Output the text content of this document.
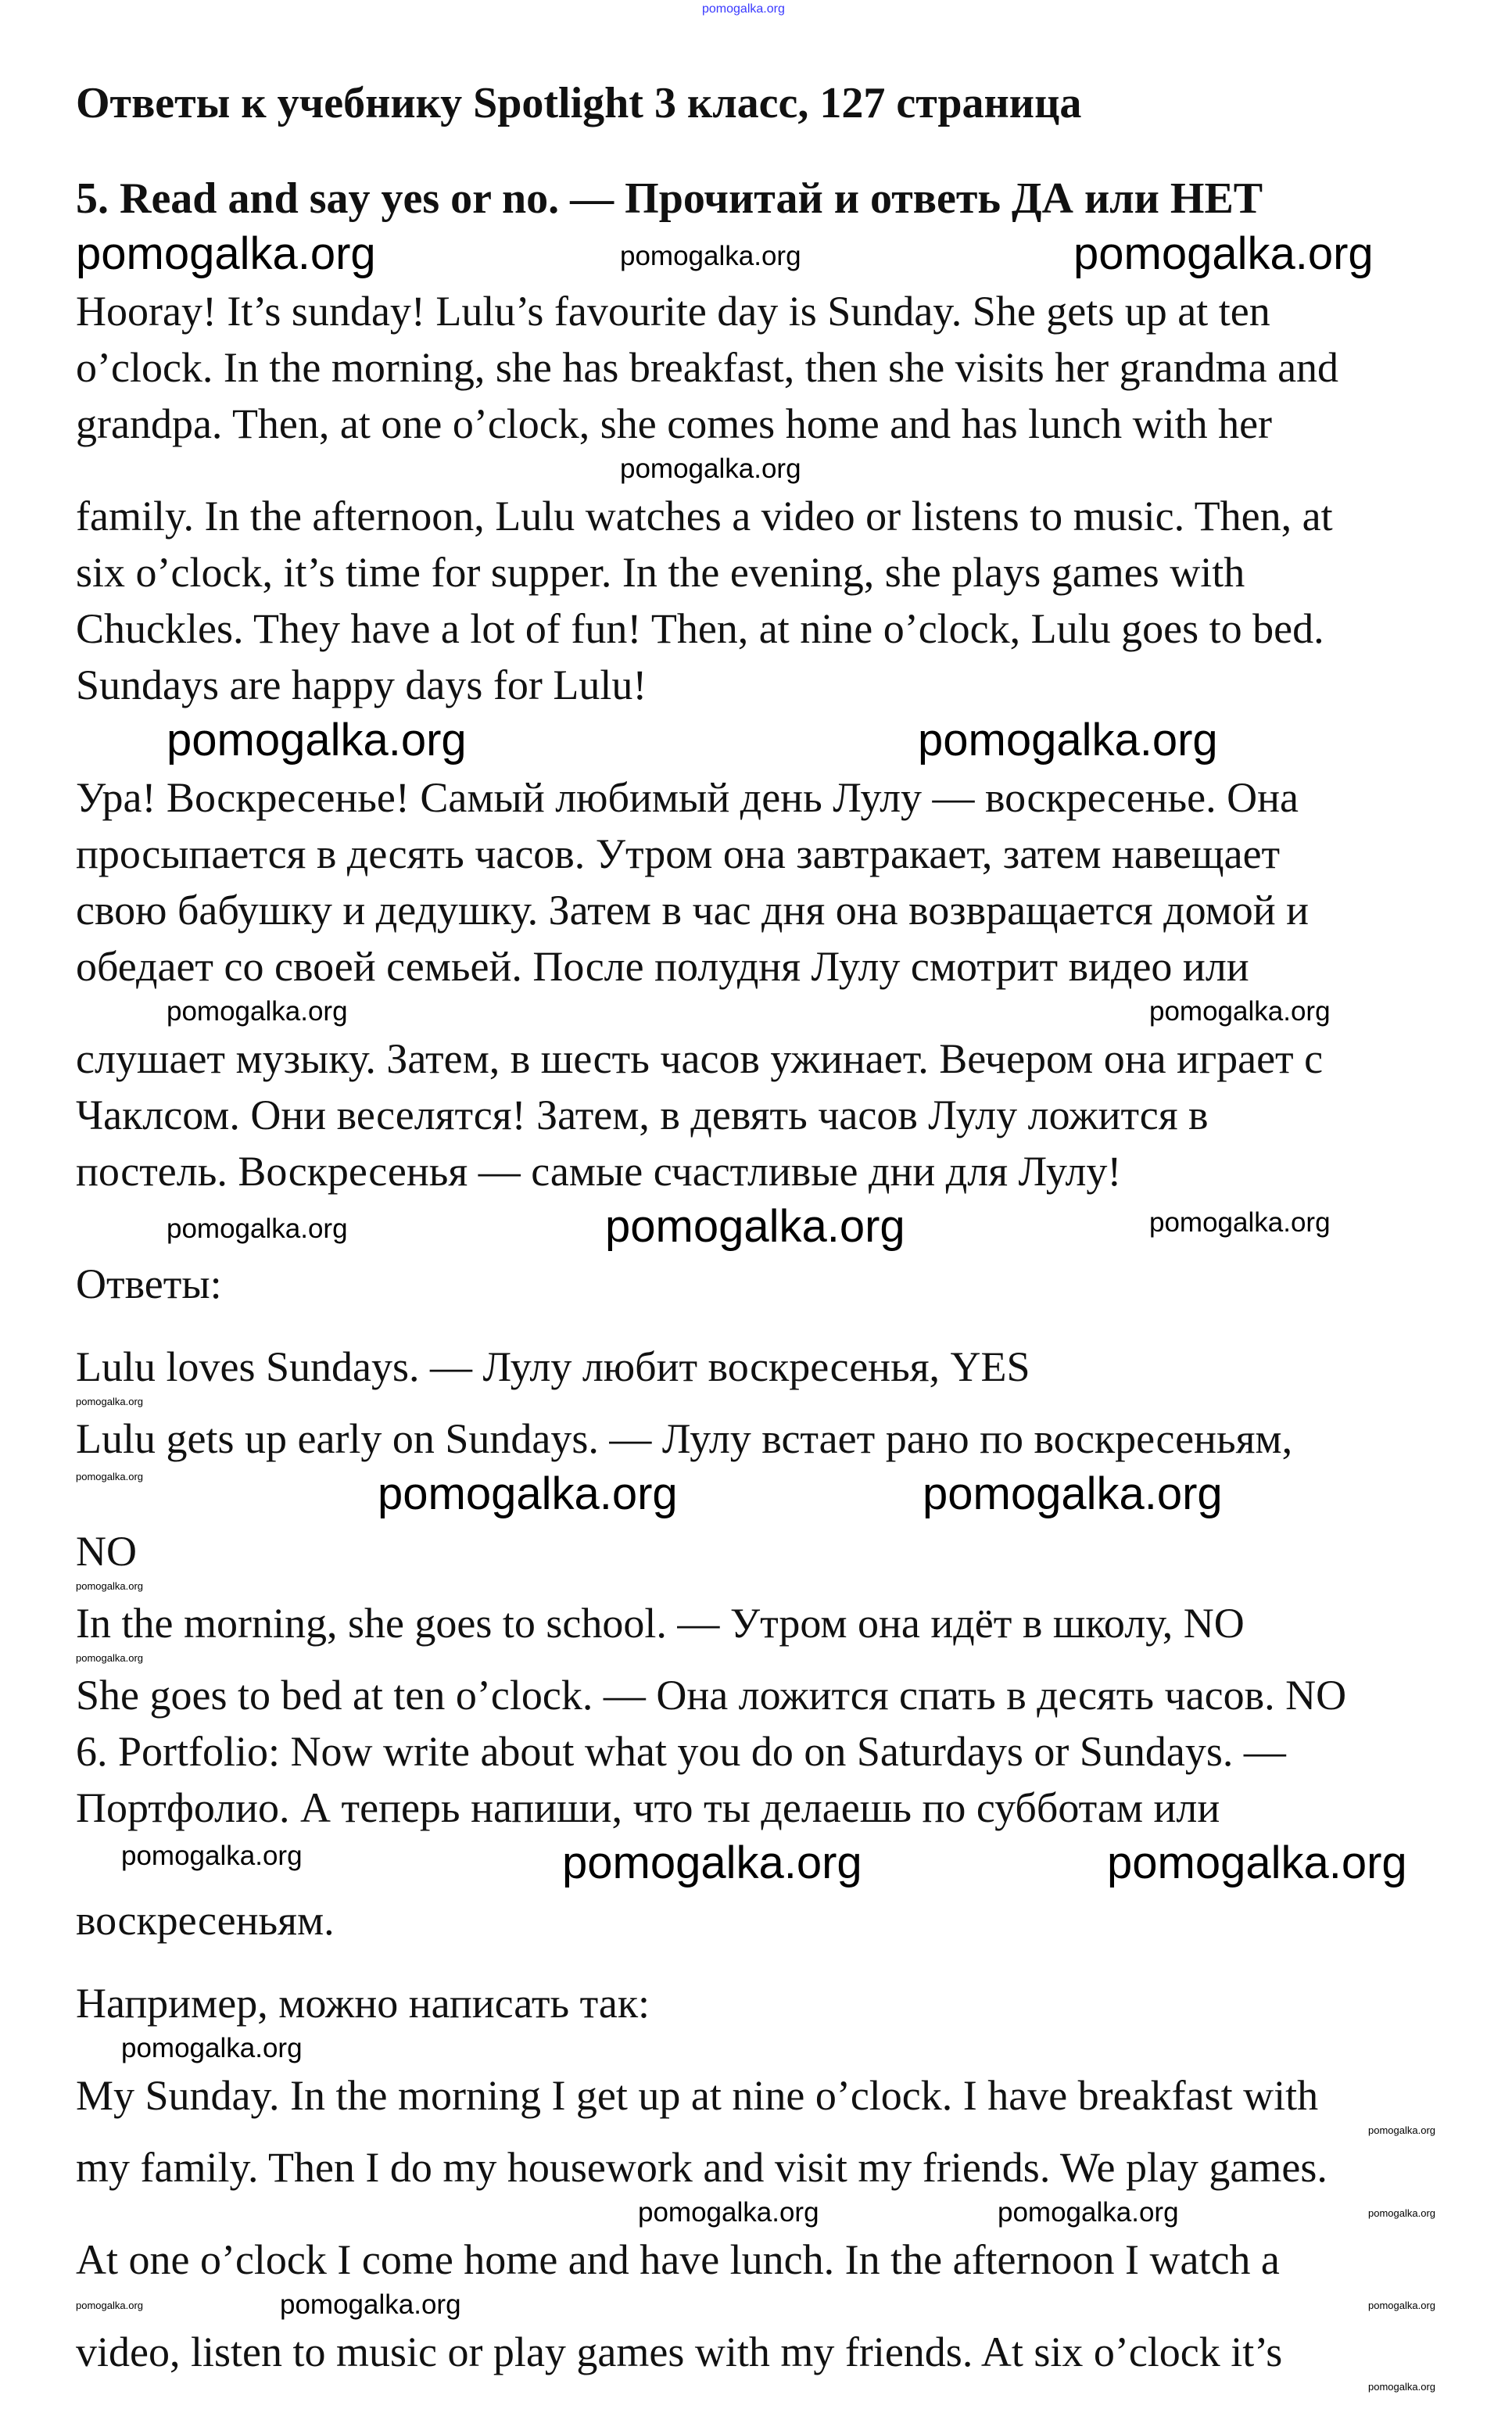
pomogalka.org
Ответы к учебнику Spotlight 3 класс, 127 страница
5. Read and say yes or no. — Прочитай и ответь ДА или НЕТ
pomogalka.org	pomogalka.org	pomogalka.org
Hooray! It’s sunday! Lulu’s favourite day is Sunday. She gets up at ten
o’clock. In the morning, she has breakfast, then she visits her grandma and
grandpa. Then, at one o’clock, she comes home and has lunch with her
pomogalka.org
family. In the afternoon, Lulu watches a video or listens to music. Then, at
six o’clock, it’s time for supper. In the evening, she plays games with
Chuckles. They have a lot of fun! Then, at nine o’clock, Lulu goes to bed.
Sundays are happy days for Lulu!
pomogalka.org	pomogalka.org
Ура! Воскресенье! Самый любимый день Лулу — воскресенье. Она
просыпается в десять часов. Утром она завтракает, затем навещает
свою бабушку и дедушку. Затем в час дня она возвращается домой и
обедает со своей семьей. После полудня Лулу смотрит видео или
pomogalka.org	pomogalka.org
слушает музыку. Затем, в шесть часов ужинает. Вечером она играет с
Чаклсом. Они веселятся! Затем, в девять часов Лулу ложится в
постель. Воскресенья — самые счастливые дни для Лулу!
pomogalka.org	pomogalka.org	pomogalka.org
Ответы:
Lulu loves Sundays. — Лулу любит воскресенья, YES
pomogalka.org
Lulu gets up early on Sundays. — Лулу встает рано по воскресеньям,
pomogalka.org	pomogalka.org	pomogalka.org
NO
pomogalka.org
In the morning, she goes to school. — Утром она идёт в школу, NO
pomogalka.org
She goes to bed at ten o’clock. — Она ложится спать в десять часов. NO
6. Portfolio: Now write about what you do on Saturdays or Sundays. —
Портфолио. А теперь напиши, что ты делаешь по субботам или
pomogalka.org	pomogalka.org	pomogalka.org
воскресеньям.
Например, можно написать так:
pomogalka.org
My Sunday. In the morning I get up at nine o’clock. I have breakfast with
pomogalka.org
my family. Then I do my housework and visit my friends. We play games.
pomogalka.org	pomogalka.org	pomogalka.org
At one o’clock I come home and have lunch. In the afternoon I watch a
pomogalka.org	pomogalka.org	pomogalka.org
video, listen to music or play games with my friends. At six o’clock it’s
pomogalka.org
